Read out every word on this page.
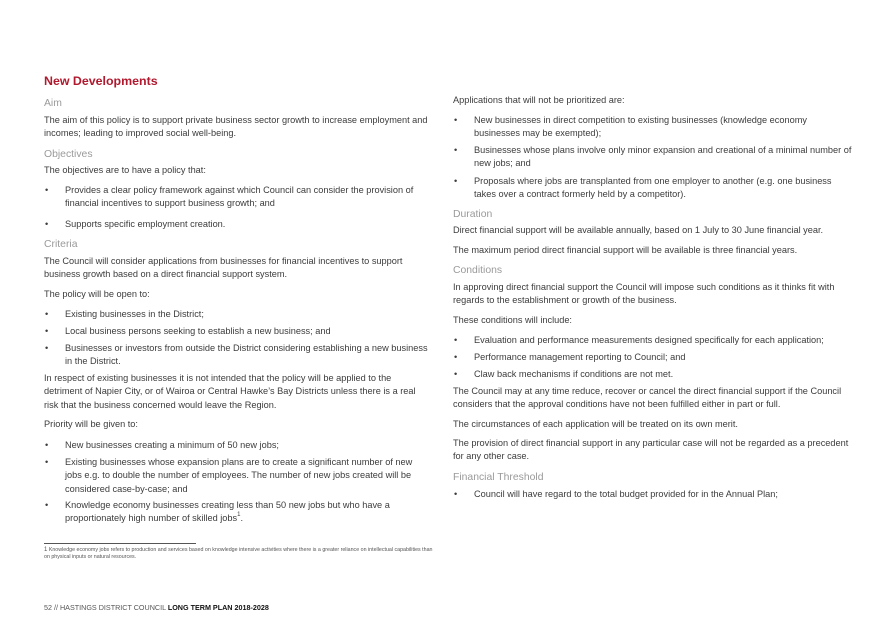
New Developments

Aim

The aim of this policy is to support private business sector growth to increase employment and incomes; leading to improved social well-being.

Objectives

The objectives are to have a policy that:

• Provides a clear policy framework against which Council can consider the provision of financial incentives to support business growth; and

• Supports specific employment creation.

Criteria

The Council will consider applications from businesses for financial incentives to support business growth based on a direct financial support system.

The policy will be open to:

• Existing businesses in the District;

• Local business persons seeking to establish a new business; and

• Businesses or investors from outside the District considering establishing a new business in the District.

In respect of existing businesses it is not intended that the policy will be applied to the detriment of Napier City, or of Wairoa or Central Hawke’s Bay Districts unless there is a real risk that the business concerned would leave the Region.

Priority will be given to:

• New businesses creating a minimum of 50 new jobs;

• Existing businesses whose expansion plans are to create a significant number of new jobs e.g. to double the number of employees. The number of new jobs created will be considered case-by-case; and

• Knowledge economy businesses creating less than 50 new jobs but who have a proportionately high number of skilled jobs$^1$.

$^1$ Knowledge economy jobs refers to production and services based on knowledge intensive activities where there is a greater reliance on intellectual capabilities than on physical inputs or natural resources.

Applications that will not be prioritized are:

• New businesses in direct competition to existing businesses (knowledge economy businesses may be exempted);

• Businesses whose plans involve only minor expansion and creational of a minimal number of new jobs; and

• Proposals where jobs are transplanted from one employer to another (e.g. one business takes over a contract formerly held by a competitor).

Duration

Direct financial support will be available annually, based on 1 July to 30 June financial year.

The maximum period direct financial support will be available is three financial years.

Conditions

In approving direct financial support the Council will impose such conditions as it thinks fit with regards to the establishment or growth of the business.

These conditions will include:

• Evaluation and performance measurements designed specifically for each application;

• Performance management reporting to Council; and

• Claw back mechanisms if conditions are not met.

The Council may at any time reduce, recover or cancel the direct financial support if the Council considers that the approval conditions have not been fulfilled either in part or full.

The circumstances of each application will be treated on its own merit.

The provision of direct financial support in any particular case will not be regarded as a precedent for any other case.

Financial Threshold

• Council will have regard to the total budget provided for in the Annual Plan;

52 // HASTINGS DISTRICT COUNCIL LONG TERM PLAN 2018-2028
